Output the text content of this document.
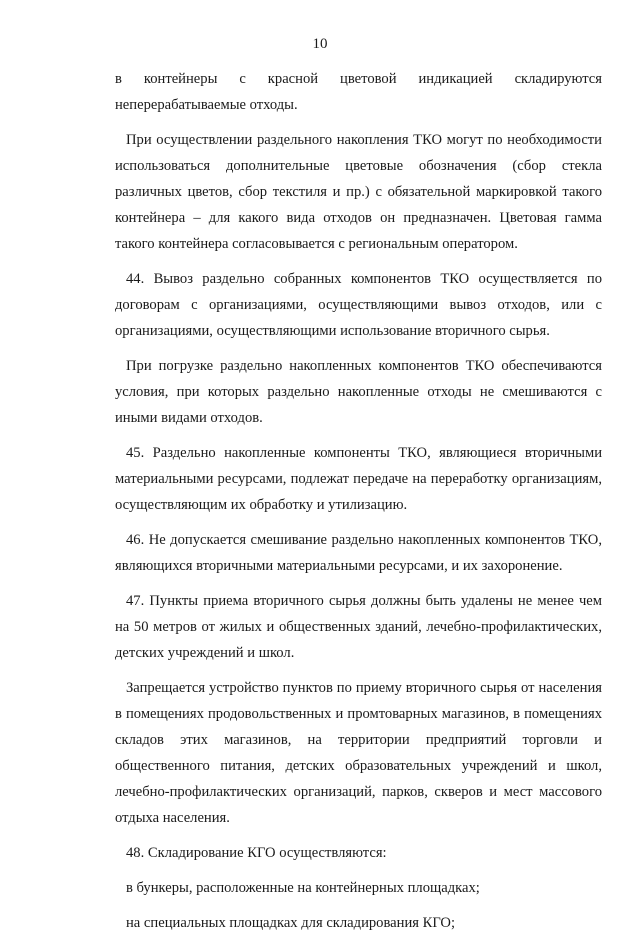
10

в контейнеры с красной цветовой индикацией складируются неперерабатываемые отходы.

При осуществлении раздельного накопления ТКО могут по необходимости использоваться дополнительные цветовые обозначения (сбор стекла различных цветов, сбор текстиля и пр.) с обязательной маркировкой такого контейнера – для какого вида отходов он предназначен. Цветовая гамма такого контейнера согласовывается с региональным оператором.

44. Вывоз раздельно собранных компонентов ТКО осуществляется по договорам с организациями, осуществляющими вывоз отходов, или с организациями, осуществляющими использование вторичного сырья.

При погрузке раздельно накопленных компонентов ТКО обеспечиваются условия, при которых раздельно накопленные отходы не смешиваются с иными видами отходов.

45. Раздельно накопленные компоненты ТКО, являющиеся вторичными материальными ресурсами, подлежат передаче на переработку организациям, осуществляющим их обработку и утилизацию.

46. Не допускается смешивание раздельно накопленных компонентов ТКО, являющихся вторичными материальными ресурсами, и их захоронение.

47. Пункты приема вторичного сырья должны быть удалены не менее чем на 50 метров от жилых и общественных зданий, лечебно-профилактических, детских учреждений и школ.

Запрещается устройство пунктов по приему вторичного сырья от населения в помещениях продовольственных и промтоварных магазинов, в помещениях складов этих магазинов, на территории предприятий торговли и общественного питания, детских образовательных учреждений и школ, лечебно-профилактических организаций, парков, скверов и мест массового отдыха населения.

48. Складирование КГО осуществляются:

в бункеры, расположенные на контейнерных площадках;

на специальных площадках для складирования КГО;
